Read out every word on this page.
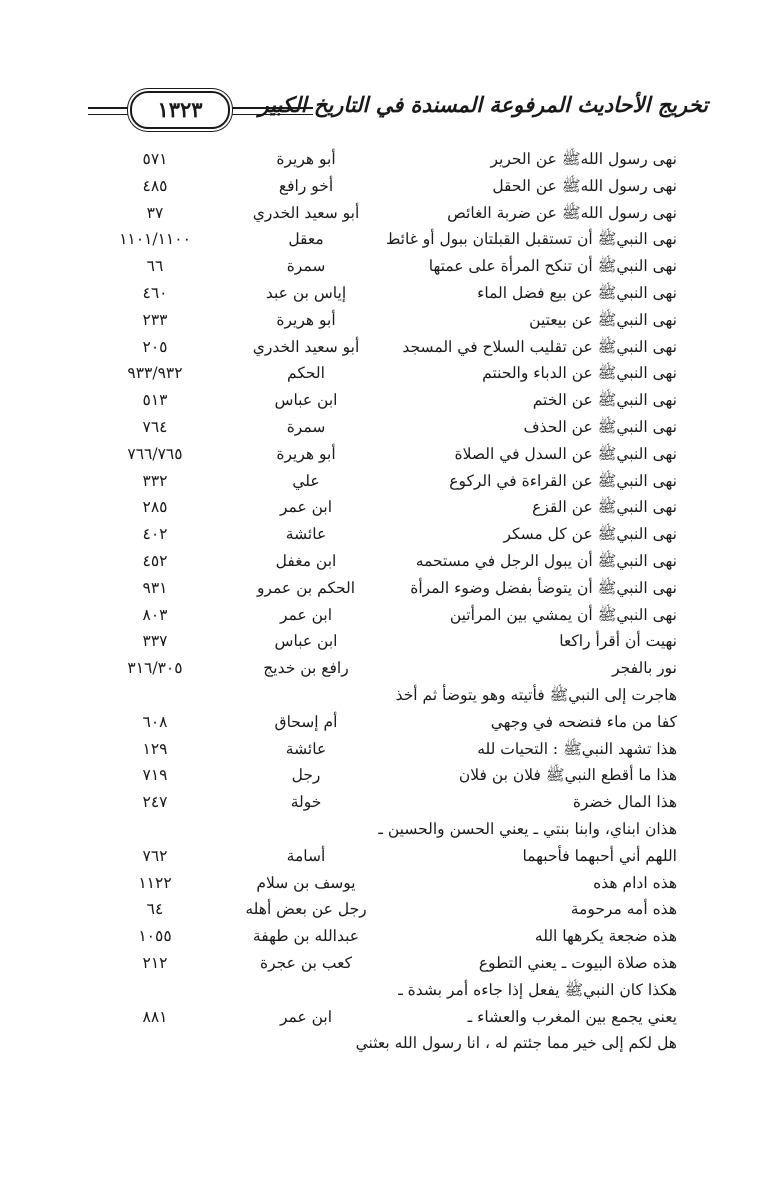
١٣٢٣	تخريج الأحاديث المرفوعة المسندة في التاريخ الكبير
نهى رسول اللهﷺ عن الحرير
أبو هريرة
٥٧١
نهى رسول اللهﷺ عن الحقل
أخو رافع
٤٨٥
نهى رسول اللهﷺ عن ضربة الغائص
أبو سعيد الخدري
٣٧
نهى النبيﷺ أن تستقبل القبلتان ببول أو غائط
معقل
١١٠١/١١٠٠
نهى النبيﷺ أن تنكح المرأة على عمتها
سمرة
٦٦
نهى النبيﷺ عن بيع فضل الماء
إياس بن عبد
٤٦٠
نهى النبيﷺ عن بيعتين
أبو هريرة
٢٣٣
نهى النبيﷺ عن تقليب السلاح في المسجد
أبو سعيد الخدري
٢٠٥
نهى النبيﷺ عن الدباء والحنتم
الحكم
٩٣٣/٩٣٢
نهى النبيﷺ عن الختم
ابن عباس
٥١٣
نهى النبيﷺ عن الحذف
سمرة
٧٦٤
نهى النبيﷺ عن السدل في الصلاة
أبو هريرة
٧٦٦/٧٦٥
نهى النبيﷺ عن القراءة في الركوع
علي
٣٣٢
نهى النبيﷺ عن القزع
ابن عمر
٢٨٥
نهى النبيﷺ عن كل مسكر
عائشة
٤٠٢
نهى النبيﷺ أن يبول الرجل في مستحمه
ابن مغفل
٤٥٢
نهى النبيﷺ أن يتوضأ بفضل وضوء المرأة
الحكم بن عمرو
٩٣١
نهى النبيﷺ أن يمشي بين المرأتين
ابن عمر
٨٠٣
نهيت أن أقرأ راكعا
ابن عباس
٣٣٧
نور بالفجر
رافع بن خديج
٣١٦/٣٠٥
هاجرت إلى النبيﷺ فأتيته وهو يتوضأ ثم أخذ
كفا من ماء فنضحه في وجهي
أم إسحاق
٦٠٨
هذا تشهد النبيﷺ : التحيات لله
عائشة
١٢٩
هذا ما أقطع النبيﷺ فلان بن فلان
رجل
٧١٩
هذا المال خضرة
خولة
٢٤٧
هذان ابناي، وابنا بنتي ـ يعني الحسن والحسين ـ
اللهم أني أحبهما فأحبهما
أسامة
٧٦٢
هذه ادام هذه
يوسف بن سلام
١١٢٢
هذه أمه مرحومة
رجل عن بعض أهله
٦٤
هذه ضجعة يكرهها الله
عبدالله بن طهفة
١٠٥٥
هذه صلاة البيوت ـ يعني التطوع
كعب بن عجرة
٢١٢
هكذا كان النبيﷺ يفعل إذا جاءه أمر بشدة ـ
يعني يجمع بين المغرب والعشاء ـ
ابن عمر
٨٨١
هل لكم إلى خير مما جئتم له ، انا رسول الله بعثني
